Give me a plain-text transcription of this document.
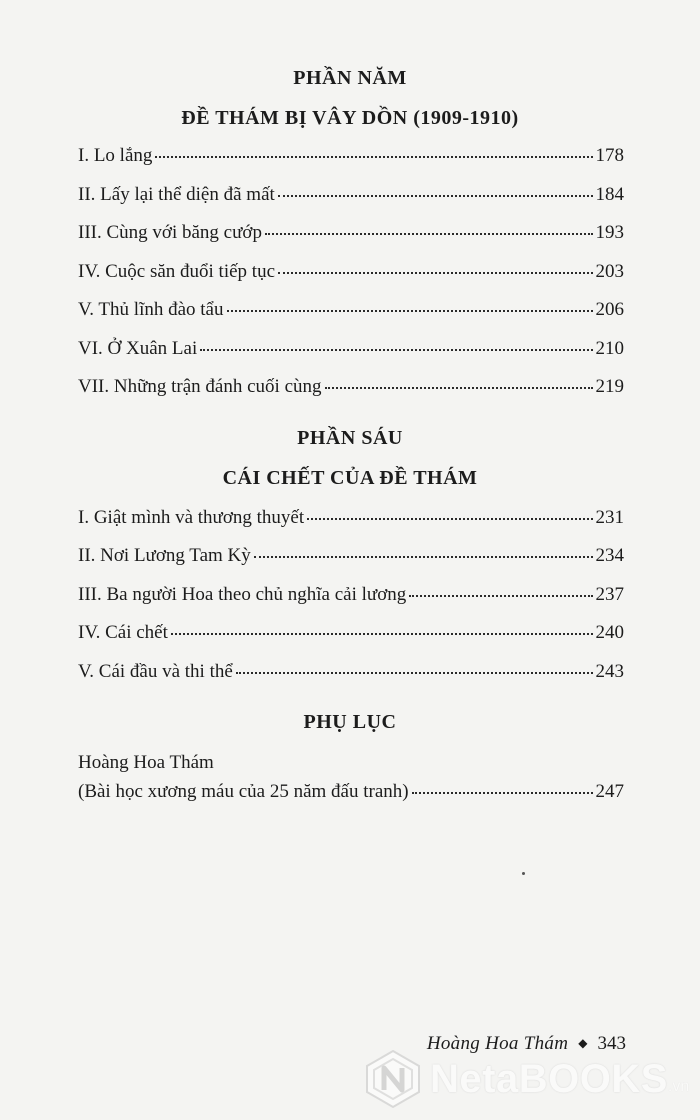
PHẦN NĂM
ĐỀ THÁM BỊ VÂY DỒN (1909-1910)
I. Lo lắng	178
II. Lấy lại thể diện đã mất	184
III. Cùng với băng cướp	193
IV. Cuộc săn đuổi tiếp tục	203
V. Thủ lĩnh đào tẩu	206
VI. Ở Xuân Lai	210
VII. Những trận đánh cuối cùng	219
PHẦN SÁU
CÁI CHẾT CỦA ĐỀ THÁM
I. Giật mình và thương thuyết	231
II. Nơi Lương Tam Kỳ	234
III. Ba người Hoa theo chủ nghĩa cải lương	237
IV. Cái chết	240
V. Cái đầu và thi thể	243
PHỤ LỤC
Hoàng Hoa Thám
(Bài học xương máu của 25 năm đấu tranh)	247
Hoàng Hoa Thám ◆ 343
NetaBOOKS .vn
